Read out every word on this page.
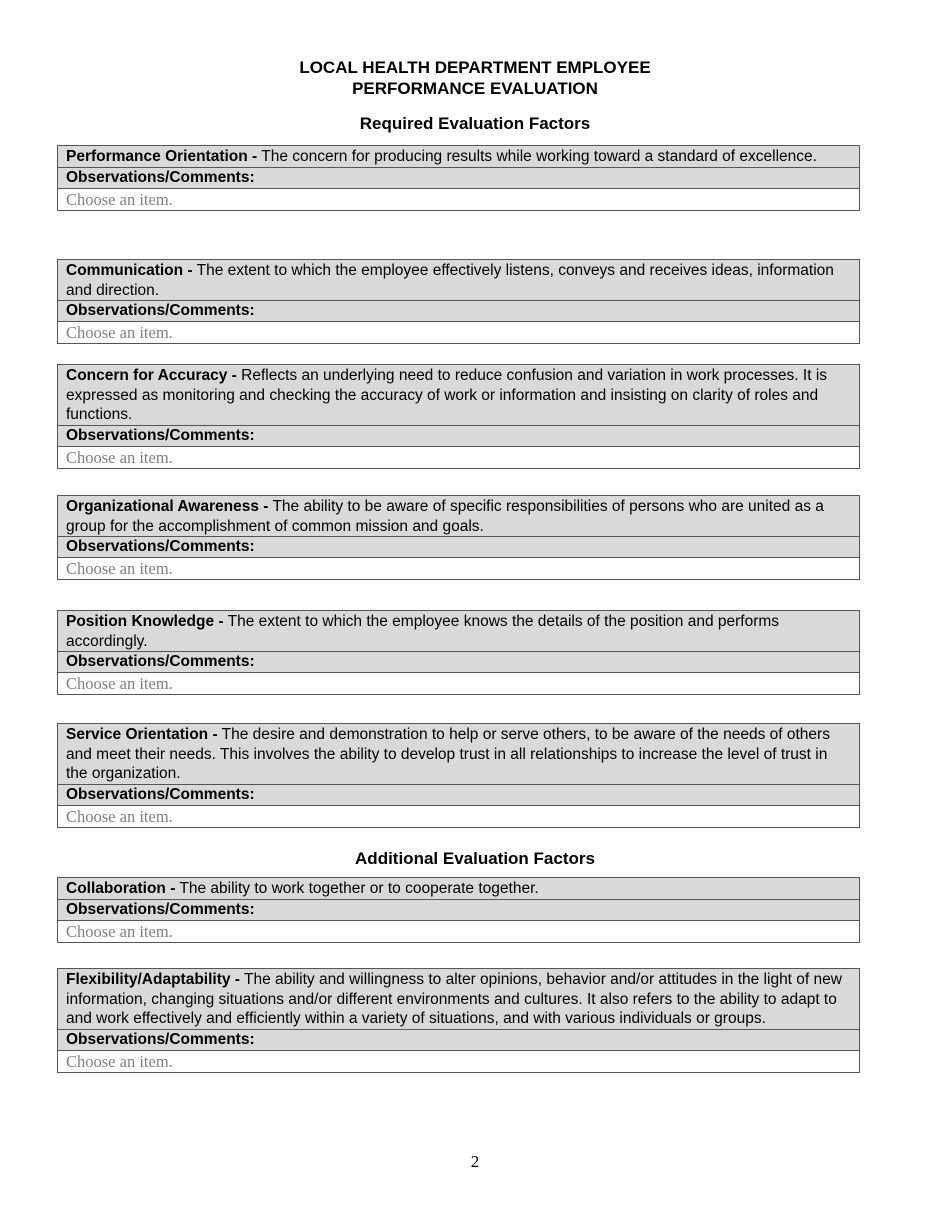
LOCAL HEALTH DEPARTMENT EMPLOYEE
PERFORMANCE EVALUATION
Required Evaluation Factors
Performance Orientation - The concern for producing results while working toward a standard of excellence.
Observations/Comments:
Choose an item.
Communication - The extent to which the employee effectively listens, conveys and receives ideas, information and direction.
Observations/Comments:
Choose an item.
Concern for Accuracy - Reflects an underlying need to reduce confusion and variation in work processes. It is expressed as monitoring and checking the accuracy of work or information and insisting on clarity of roles and functions.
Observations/Comments:
Choose an item.
Organizational Awareness - The ability to be aware of specific responsibilities of persons who are united as a group for the accomplishment of common mission and goals.
Observations/Comments:
Choose an item.
Position Knowledge - The extent to which the employee knows the details of the position and performs accordingly.
Observations/Comments:
Choose an item.
Service Orientation - The desire and demonstration to help or serve others, to be aware of the needs of others and meet their needs. This involves the ability to develop trust in all relationships to increase the level of trust in the organization.
Observations/Comments:
Choose an item.
Additional Evaluation Factors
Collaboration - The ability to work together or to cooperate together.
Observations/Comments:
Choose an item.
Flexibility/Adaptability - The ability and willingness to alter opinions, behavior and/or attitudes in the light of new information, changing situations and/or different environments and cultures. It also refers to the ability to adapt to and work effectively and efficiently within a variety of situations, and with various individuals or groups.
Observations/Comments:
Choose an item.
2
